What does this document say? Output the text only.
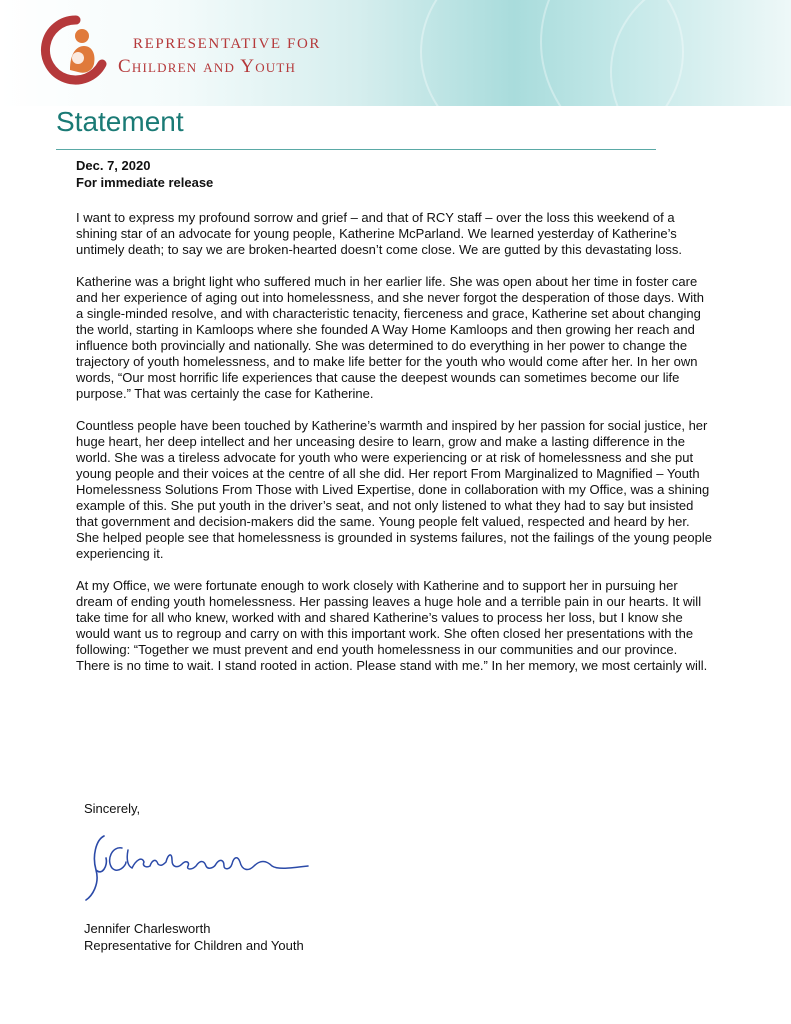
REPRESENTATIVE FOR
Children and Youth
Statement
Dec. 7, 2020
For immediate release

I want to express my profound sorrow and grief – and that of RCY staff – over the loss this weekend of a shining star of an advocate for young people, Katherine McParland. We learned yesterday of Katherine’s untimely death; to say we are broken-hearted doesn’t come close. We are gutted by this devastating loss.

Katherine was a bright light who suffered much in her earlier life. She was open about her time in foster care and her experience of aging out into homelessness, and she never forgot the desperation of those days. With a single-minded resolve, and with characteristic tenacity, fierceness and grace, Katherine set about changing the world, starting in Kamloops where she founded A Way Home Kamloops and then growing her reach and influence both provincially and nationally. She was determined to do everything in her power to change the trajectory of youth homelessness, and to make life better for the youth who would come after her. In her own words, “Our most horrific life experiences that cause the deepest wounds can sometimes become our life purpose.” That was certainly the case for Katherine.

Countless people have been touched by Katherine’s warmth and inspired by her passion for social justice, her huge heart, her deep intellect and her unceasing desire to learn, grow and make a lasting difference in the world. She was a tireless advocate for youth who were experiencing or at risk of homelessness and she put young people and their voices at the centre of all she did. Her report From Marginalized to Magnified – Youth Homelessness Solutions From Those with Lived Expertise, done in collaboration with my Office, was a shining example of this. She put youth in the driver’s seat, and not only listened to what they had to say but insisted that government and decision-makers did the same. Young people felt valued, respected and heard by her. She helped people see that homelessness is grounded in systems failures, not the failings of the young people experiencing it.

At my Office, we were fortunate enough to work closely with Katherine and to support her in pursuing her dream of ending youth homelessness. Her passing leaves a huge hole and a terrible pain in our hearts. It will take time for all who knew, worked with and shared Katherine’s values to process her loss, but I know she would want us to regroup and carry on with this important work. She often closed her presentations with the following: “Together we must prevent and end youth homelessness in our communities and our province. There is no time to wait. I stand rooted in action. Please stand with me.” In her memory, we most certainly will.

Sincerely,
Jennifer Charlesworth
Representative for Children and Youth
